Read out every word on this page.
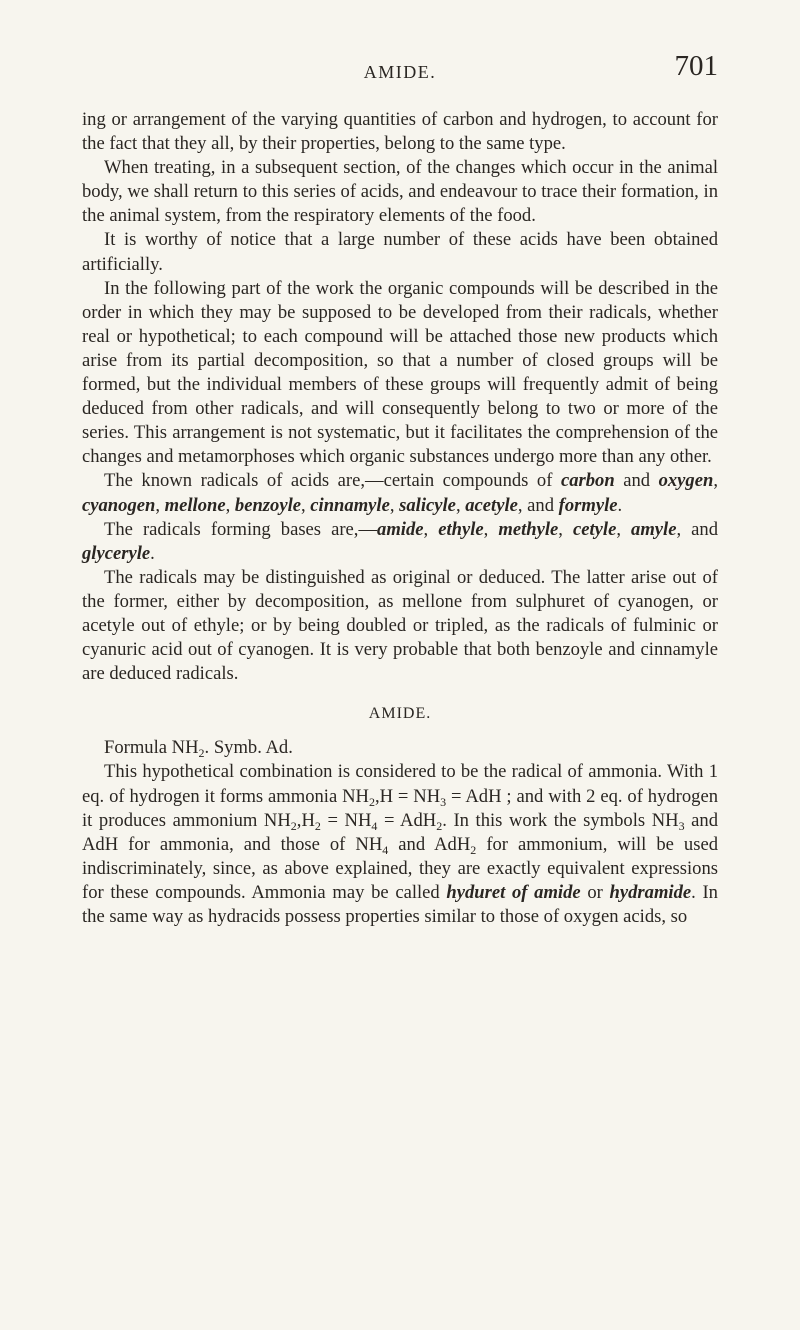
AMIDE.	701

ing or arrangement of the varying quantities of carbon and hydrogen, to account for the fact that they all, by their properties, belong to the same type.

When treating, in a subsequent section, of the changes which occur in the animal body, we shall return to this series of acids, and endeavour to trace their formation, in the animal system, from the respiratory elements of the food.

It is worthy of notice that a large number of these acids have been obtained artificially.

In the following part of the work the organic compounds will be described in the order in which they may be supposed to be developed from their radicals, whether real or hypothetical; to each compound will be attached those new products which arise from its partial decomposition, so that a number of closed groups will be formed, but the individual members of these groups will frequently admit of being deduced from other radicals, and will consequently belong to two or more of the series. This arrangement is not systematic, but it facilitates the comprehension of the changes and metamorphoses which organic substances undergo more than any other.

The known radicals of acids are,—certain compounds of carbon and oxygen, cyanogen, mellone, benzoyle, cinnamyle, salicyle, acetyle, and formyle.

The radicals forming bases are,—amide, ethyle, methyle, cetyle, amyle, and glyceryle.

The radicals may be distinguished as original or deduced. The latter arise out of the former, either by decomposition, as mellone from sulphuret of cyanogen, or acetyle out of ethyle; or by being doubled or tripled, as the radicals of fulminic or cyanuric acid out of cyanogen. It is very probable that both benzoyle and cinnamyle are deduced radicals.

AMIDE.

Formula $NH_2$. Symb. Ad.

This hypothetical combination is considered to be the radical of ammonia. With 1 eq. of hydrogen it forms ammonia $NH_2,H = NH_3$ = AdH ; and with 2 eq. of hydrogen it produces ammonium $NH_2,H_2 = NH_4 = AdH_2$. In this work the symbols $NH_3$ and AdH for ammonia, and those of $NH_4$ and AdH$_2$ for ammonium, will be used indiscriminately, since, as above explained, they are exactly equivalent expressions for these compounds. Ammonia may be called hyduret of amide or hydramide. In the same way as hydracids possess properties similar to those of oxygen acids, so
